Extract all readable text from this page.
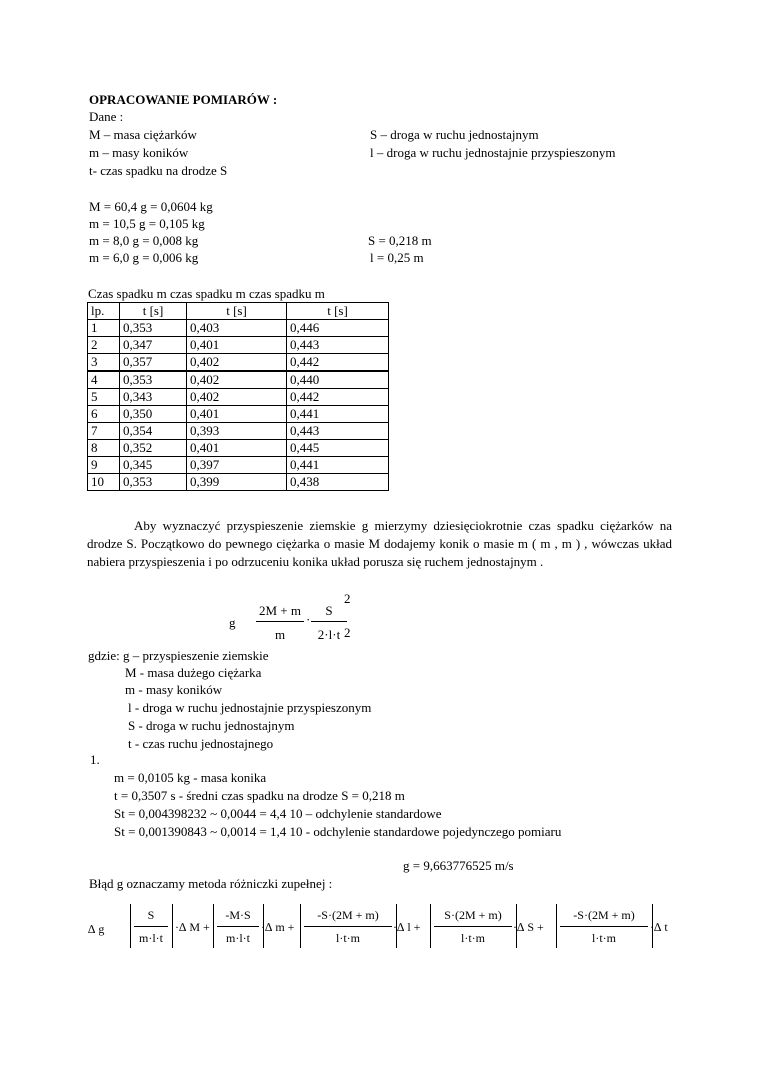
OPRACOWANIE POMIARÓW :
Dane :
M – masa ciężarków
m – masy koników
t- czas spadku na drodze S
S – droga w ruchu jednostajnym
l – droga w ruchu jednostajnie przyspieszonym
M = 60,4 g = 0,0604 kg
m = 10,5 g = 0,105 kg
m = 8,0 g = 0,008 kg
m = 6,0 g = 0,006 kg
S = 0,218 m
l = 0,25 m
Czas spadku m czas spadku m czas spadku m
lp.	t [s]	t [s]	t [s]
1	0,353	0,403	0,446
2	0,347	0,401	0,443
3	0,357	0,402	0,442
4	0,353	0,402	0,440
5	0,343	0,402	0,442
6	0,350	0,401	0,441
7	0,354	0,393	0,443
8	0,352	0,401	0,445
9	0,345	0,397	0,441
10	0,353	0,399	0,438
Aby wyznaczyć przyspieszenie ziemskie g mierzymy dziesięciokrotnie czas spadku ciężarków na drodze S. Początkowo do pewnego ciężarka o masie M dodajemy konik o masie m ( m , m ) , wówczas układ nabiera przyspieszenia i po odrzuceniu konika układ porusza się ruchem jednostajnym .
g
2M + m
m
·
S
2·l·t
2
2
gdzie: g – przyspieszenie ziemskie
M - masa dużego ciężarka
m - masy koników
l - droga w ruchu jednostajnie przyspieszonym
S - droga w ruchu jednostajnym
t - czas ruchu jednostajnego
1.
m = 0,0105 kg - masa konika
t = 0,3507 s - średni czas spadku na drodze S = 0,218 m
St = 0,004398232 ~ 0,0044 = 4,4 10 – odchylenie standardowe
St = 0,001390843 ~ 0,0014 = 1,4 10 - odchylenie standardowe pojedynczego pomiaru
g = 9,663776525 m/s
Błąd g oznaczamy metoda różniczki zupełnej :
∆ g
S
m·l·t
·∆ M +
-M·S
m·l·t
·∆ m +
-S·(2M + m)
l·t·m
·∆ l +
S·(2M + m)
l·t·m
·∆ S +
-S·(2M + m)
l·t·m
·∆ t
